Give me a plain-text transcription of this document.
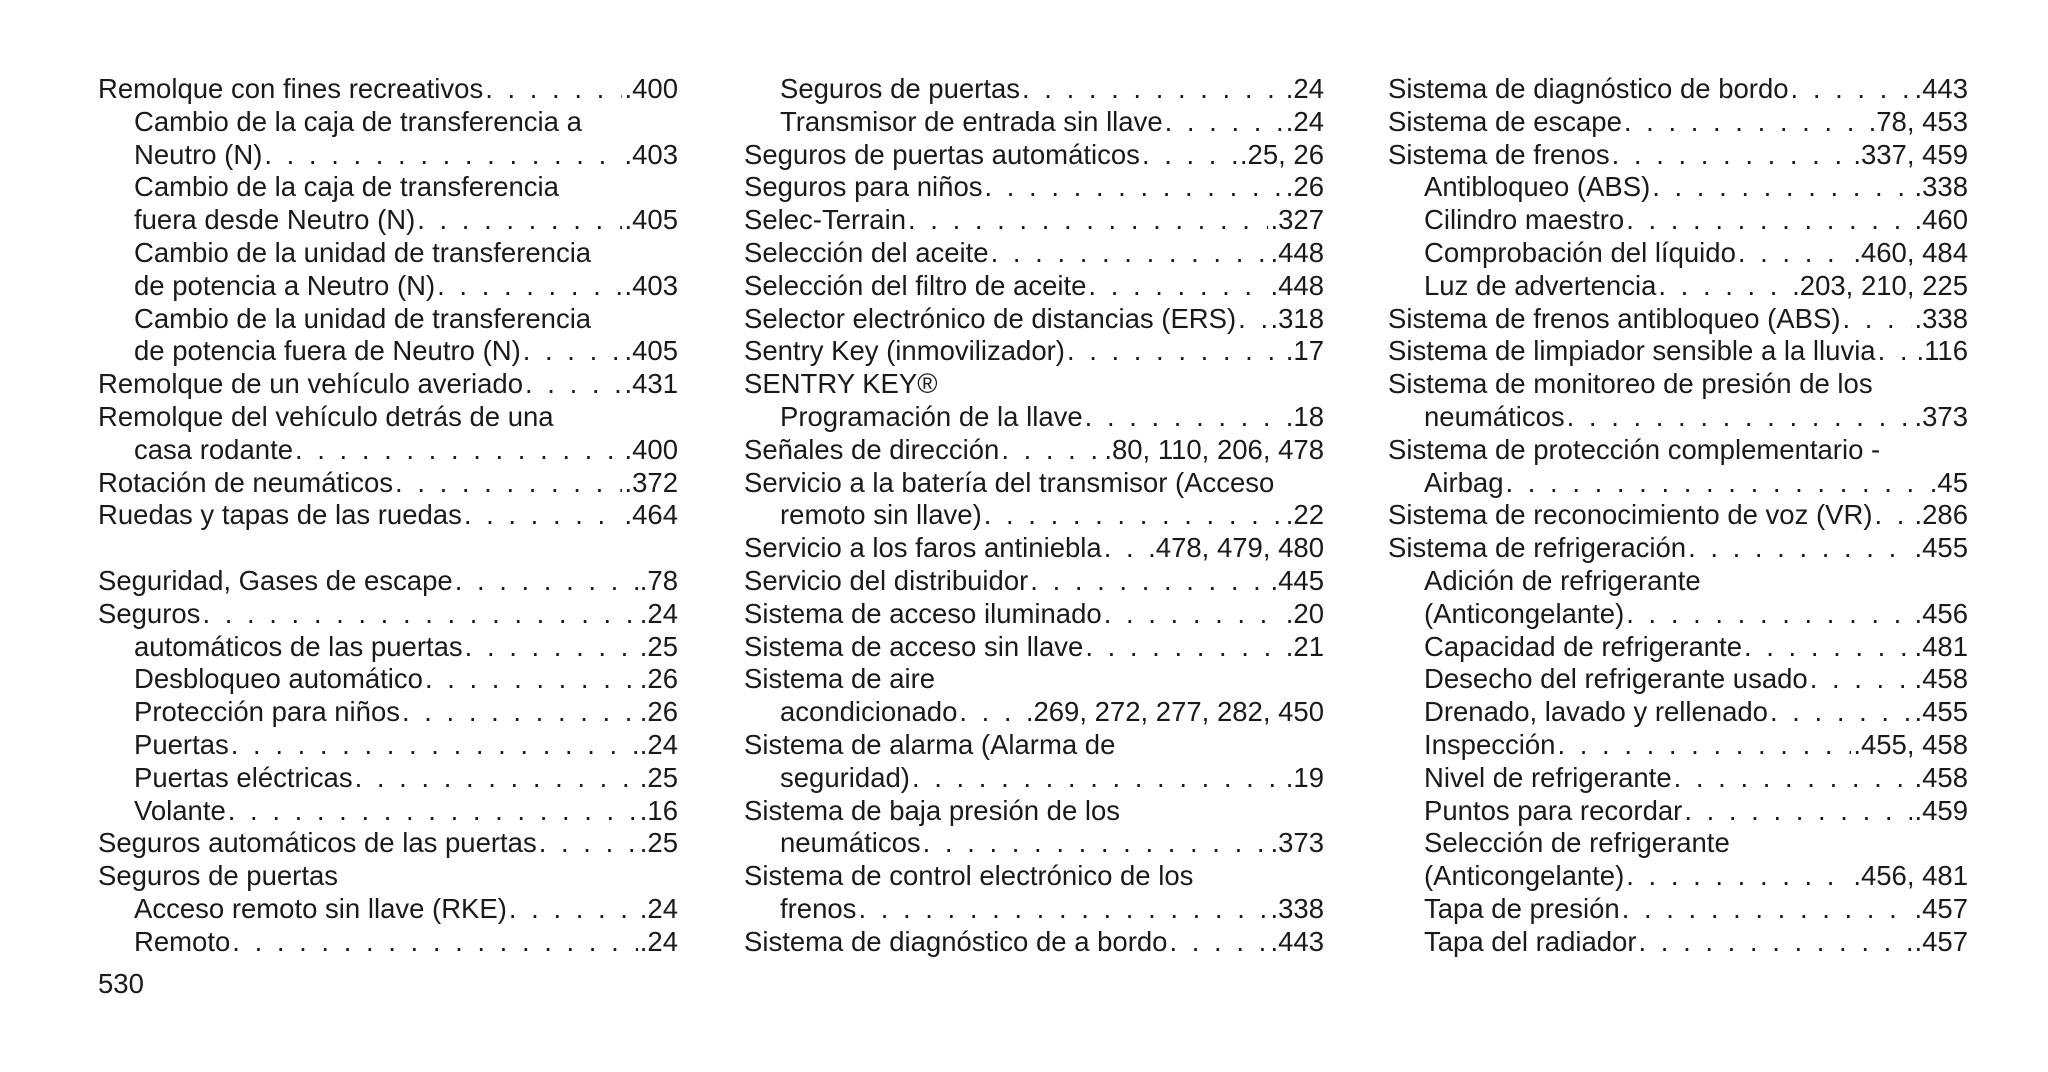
Remolque con fines recreativos . . .	.400
Cambio de la caja de transferencia a
Neutro (N) . . .	.403
Cambio de la caja de transferencia
fuera desde Neutro (N) . . .	.405
Cambio de la unidad de transferencia
de potencia a Neutro (N) . . .	.403
Cambio de la unidad de transferencia
de potencia fuera de Neutro (N) . . .	.405
Remolque de un vehículo averiado . . .	.431
Remolque del vehículo detrás de una
casa rodante . . .	.400
Rotación de neumáticos . . .	.372
Ruedas y tapas de las ruedas . . .	.464
Seguridad, Gases de escape . . .	.78
Seguros . . .	.24
automáticos de las puertas . . .	.25
Desbloqueo automático . . .	.26
Protección para niños . . .	.26
Puertas . . .	.24
Puertas eléctricas . . .	.25
Volante . . .	.16
Seguros automáticos de las puertas . . .	.25
Seguros de puertas
Acceso remoto sin llave (RKE) . . .	.24
Remoto . . .	.24
Seguros de puertas . . .	.24
Transmisor de entrada sin llave . . .	.24
Seguros de puertas automáticos . . .	.25, 26
Seguros para niños . . .	.26
Selec-Terrain . . .	.327
Selección del aceite . . .	.448
Selección del filtro de aceite . . .	.448
Selector electrónico de distancias (ERS) . . . .318
Sentry Key (inmovilizador) . . .	.17
SENTRY KEY®
Programación de la llave . . .	.18
Señales de dirección . . .	.80, 110, 206, 478
Servicio a la batería del transmisor (Acceso
remoto sin llave) . . .	.22
Servicio a los faros antiniebla . . . .478, 479, 480
Servicio del distribuidor . . .	.445
Sistema de acceso iluminado . . .	.20
Sistema de acceso sin llave . . .	.21
Sistema de aire
acondicionado . . . .269, 272, 277, 282, 450
Sistema de alarma (Alarma de
seguridad) . . .	.19
Sistema de baja presión de los
neumáticos . . .	.373
Sistema de control electrónico de los
frenos . . .	.338
Sistema de diagnóstico de a bordo . . .	.443
Sistema de diagnóstico de bordo . . .	.443
Sistema de escape . . .	.78, 453
Sistema de frenos . . .	.337, 459
Antibloqueo (ABS) . . .	.338
Cilindro maestro . . .	.460
Comprobación del líquido . . .	.460, 484
Luz de advertencia . . .	.203, 210, 225
Sistema de frenos antibloqueo (ABS) . . .	.338
Sistema de limpiador sensible a la lluvia . . . .116
Sistema de monitoreo de presión de los
neumáticos . . .	.373
Sistema de protección complementario -
Airbag . . .	.45
Sistema de reconocimiento de voz (VR) . . . .286
Sistema de refrigeración . . .	.455
Adición de refrigerante
(Anticongelante) . . .	.456
Capacidad de refrigerante . . .	.481
Desecho del refrigerante usado . . .	.458
Drenado, lavado y rellenado . . .	.455
Inspección . . .	.455, 458
Nivel de refrigerante . . .	.458
Puntos para recordar . . .	.459
Selección de refrigerante
(Anticongelante) . . .	.456, 481
Tapa de presión . . .	.457
Tapa del radiador . . .	.457
530
